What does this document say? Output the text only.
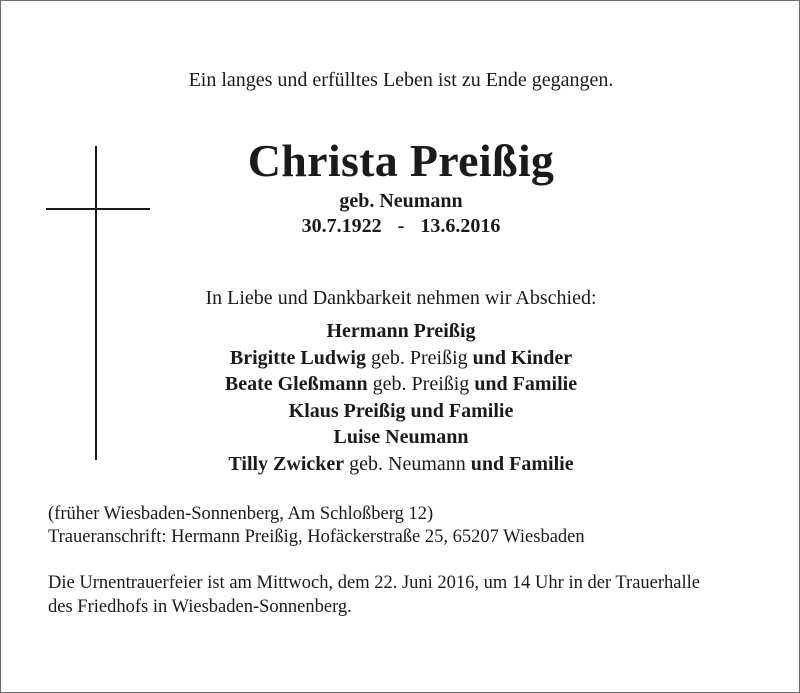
Ein langes und erfülltes Leben ist zu Ende gegangen.
Christa Preißig
geb. Neumann
30.7.1922  -  13.6.2016
In Liebe und Dankbarkeit nehmen wir Abschied:
Hermann Preißig
Brigitte Ludwig geb. Preißig und Kinder
Beate Gleßmann geb. Preißig und Familie
Klaus Preißig und Familie
Luise Neumann
Tilly Zwicker geb. Neumann und Familie
(früher Wiesbaden-Sonnenberg, Am Schloßberg 12)
Traueranschrift: Hermann Preißig, Hofäckerstraße 25, 65207 Wiesbaden
Die Urnentrauerfeier ist am Mittwoch, dem 22. Juni 2016, um 14 Uhr in der Trauerhalle
des Friedhofs in Wiesbaden-Sonnenberg.
